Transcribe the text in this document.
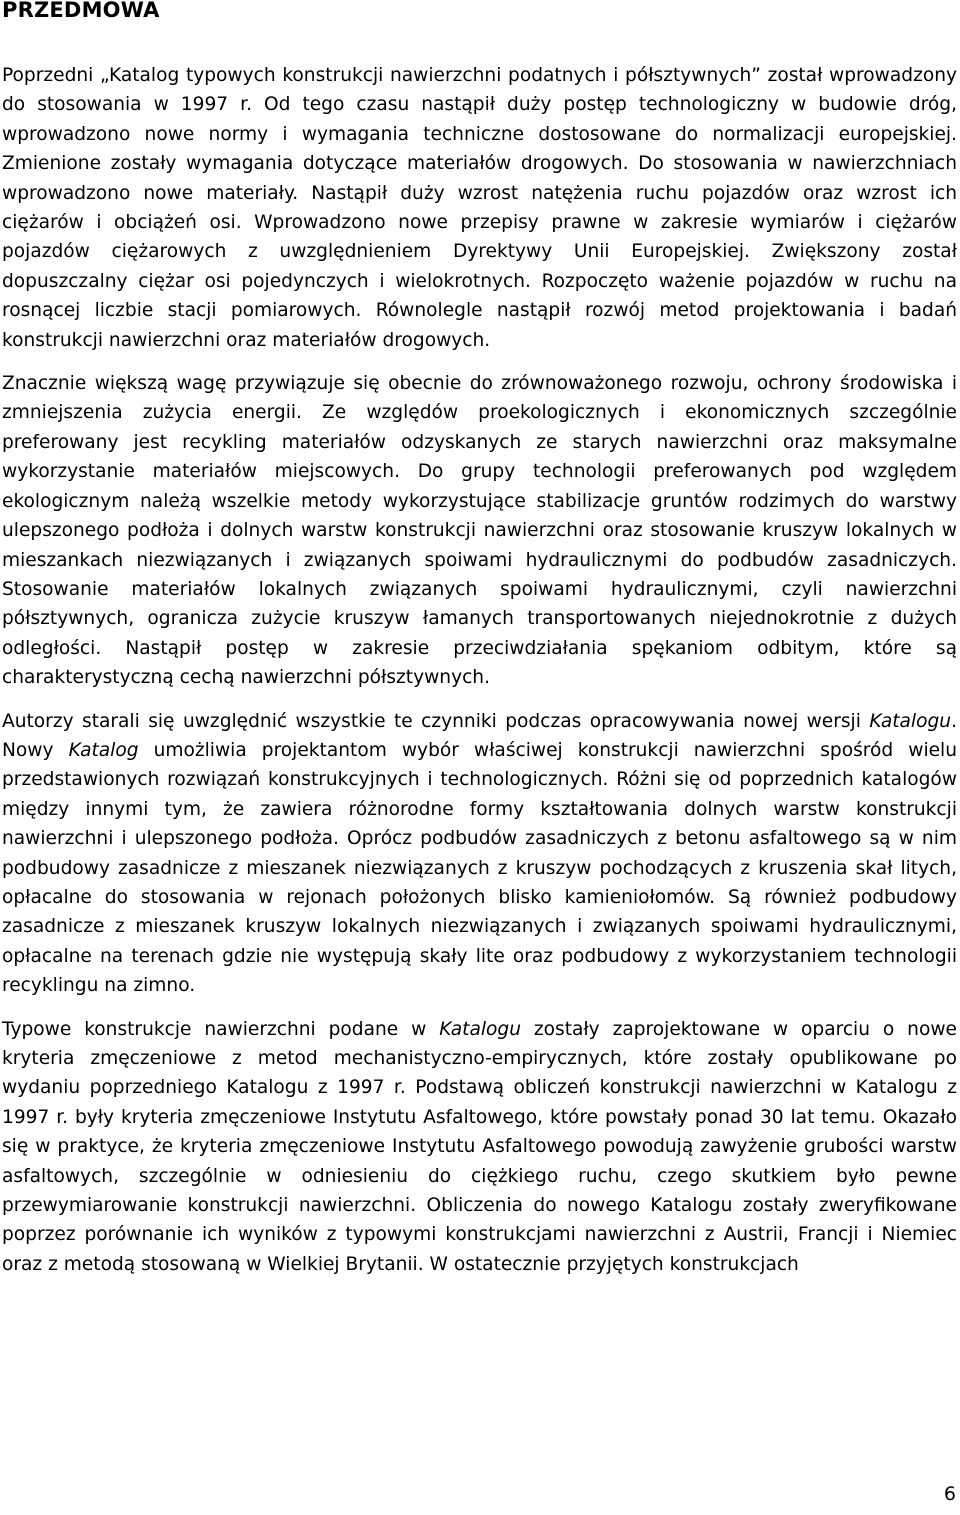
PRZEDMOWA

Poprzedni „Katalog typowych konstrukcji nawierzchni podatnych i półsztywnych” został wprowadzony do stosowania w 1997 r. Od tego czasu nastąpił duży postęp technologiczny w budowie dróg, wprowadzono nowe normy i wymagania techniczne dostosowane do normalizacji europejskiej. Zmienione zostały wymagania dotyczące materiałów drogowych. Do stosowania w nawierzchniach wprowadzono nowe materiały. Nastąpił duży wzrost natężenia ruchu pojazdów oraz wzrost ich ciężarów i obciążeń osi. Wprowadzono nowe przepisy prawne w zakresie wymiarów i ciężarów pojazdów ciężarowych z uwzględnieniem Dyrektywy Unii Europejskiej. Zwiększony został dopuszczalny ciężar osi pojedynczych i wielokrotnych. Rozpoczęto ważenie pojazdów w ruchu na rosnącej liczbie stacji pomiarowych. Równolegle nastąpił rozwój metod projektowania i badań konstrukcji nawierzchni oraz materiałów drogowych.

Znacznie większą wagę przywiązuje się obecnie do zrównoważonego rozwoju, ochrony środowiska i zmniejszenia zużycia energii. Ze względów proekologicznych i ekonomicznych szczególnie preferowany jest recykling materiałów odzyskanych ze starych nawierzchni oraz maksymalne wykorzystanie materiałów miejscowych. Do grupy technologii preferowanych pod względem ekologicznym należą wszelkie metody wykorzystujące stabilizacje gruntów rodzimych do warstwy ulepszonego podłoża i dolnych warstw konstrukcji nawierzchni oraz stosowanie kruszyw lokalnych w mieszankach niezwiązanych i związanych spoiwami hydraulicznymi do podbudów zasadniczych. Stosowanie materiałów lokalnych związanych spoiwami hydraulicznymi, czyli nawierzchni półsztywnych, ogranicza zużycie kruszyw łamanych transportowanych niejednokrotnie z dużych odległości. Nastąpił postęp w zakresie przeciwdziałania spękaniom odbitym, które są charakterystyczną cechą nawierzchni półsztywnych.

Autorzy starali się uwzględnić wszystkie te czynniki podczas opracowywania nowej wersji Katalogu. Nowy Katalog umożliwia projektantom wybór właściwej konstrukcji nawierzchni spośród wielu przedstawionych rozwiązań konstrukcyjnych i technologicznych. Różni się od poprzednich katalogów między innymi tym, że zawiera różnorodne formy kształtowania dolnych warstw konstrukcji nawierzchni i ulepszonego podłoża. Oprócz podbudów zasadniczych z betonu asfaltowego są w nim podbudowy zasadnicze z mieszanek niezwiązanych z kruszyw pochodzących z kruszenia skał litych, opłacalne do stosowania w rejonach położonych blisko kamieniołomów. Są również podbudowy zasadnicze z mieszanek kruszyw lokalnych niezwiązanych i związanych spoiwami hydraulicznymi, opłacalne na terenach gdzie nie występują skały lite oraz podbudowy z wykorzystaniem technologii recyklingu na zimno.

Typowe konstrukcje nawierzchni podane w Katalogu zostały zaprojektowane w oparciu o nowe kryteria zmęczeniowe z metod mechanistyczno-empirycznych, które zostały opublikowane po wydaniu poprzedniego Katalogu z 1997 r. Podstawą obliczeń konstrukcji nawierzchni w Katalogu z 1997 r. były kryteria zmęczeniowe Instytutu Asfaltowego, które powstały ponad 30 lat temu. Okazało się w praktyce, że kryteria zmęczeniowe Instytutu Asfaltowego powodują zawyżenie grubości warstw asfaltowych, szczególnie w odniesieniu do ciężkiego ruchu, czego skutkiem było pewne przewymiarowanie konstrukcji nawierzchni. Obliczenia do nowego Katalogu zostały zweryfikowane poprzez porównanie ich wyników z typowymi konstrukcjami nawierzchni z Austrii, Francji i Niemiec oraz z metodą stosowaną w Wielkiej Brytanii. W ostatecznie przyjętych konstrukcjach

6
